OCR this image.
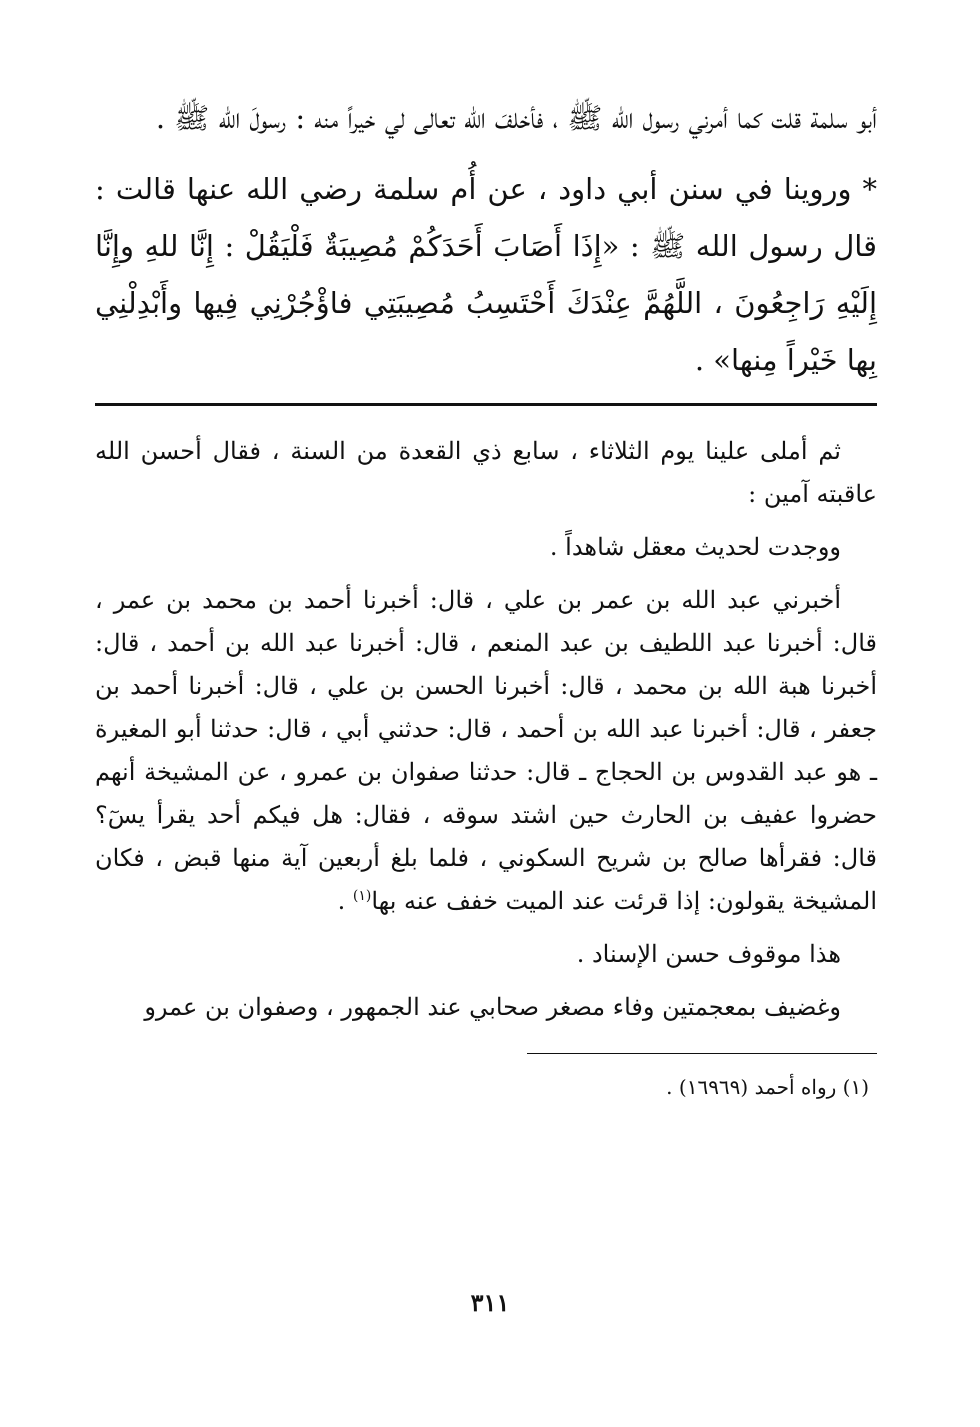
أبو سلمة قلت كما أمرني رسول الله ﷺ ، فأخلفَ الله تعالى لي خيراً منه : رسولَ الله ﷺ .

* وروينا في سنن أبي داود ، عن أُم سلمة رضي الله عنها قالت : قال رسول الله ﷺ : «إِذَا أَصَابَ أَحَدَكُمْ مُصِيبَةٌ فَلْيَقُلْ : إِنَّا للهِ وإِنَّا إِلَيْهِ رَاجِعُونَ ، اللَّهُمَّ عِنْدَكَ أَحْتَسِبُ مُصِيبَتِي فاؤْجُرْنِي فِيها وأَبْدِلْنِي بِها خَيْراً مِنها» .

ثم أملى علينا يوم الثلاثاء ، سابع ذي القعدة من السنة ، فقال أحسن الله عاقبته آمين :

ووجدت لحديث معقل شاهداً .

أخبرني عبد الله بن عمر بن علي ، قال: أخبرنا أحمد بن محمد بن عمر ، قال: أخبرنا عبد اللطيف بن عبد المنعم ، قال: أخبرنا عبد الله بن أحمد ، قال: أخبرنا هبة الله بن محمد ، قال: أخبرنا الحسن بن علي ، قال: أخبرنا أحمد بن جعفر ، قال: أخبرنا عبد الله بن أحمد ، قال: حدثني أبي ، قال: حدثنا أبو المغيرة ـ هو عبد القدوس بن الحجاج ـ قال: حدثنا صفوان بن عمرو ، عن المشيخة أنهم حضروا عفيف بن الحارث حين اشتد سوقه ، فقال: هل فيكم أحد يقرأ يسٓ؟ قال: فقرأها صالح بن شريح السكوني ، فلما بلغ أربعين آية منها قبض ، فكان المشيخة يقولون: إذا قرئت عند الميت خفف عنه بها$^{(١)}$ .

هذا موقوف حسن الإسناد .

وغضيف بمعجمتين وفاء مصغر صحابي عند الجمهور ، وصفوان بن عمرو

(١) رواه أحمد (١٦٩٦٩) .

٣١١
